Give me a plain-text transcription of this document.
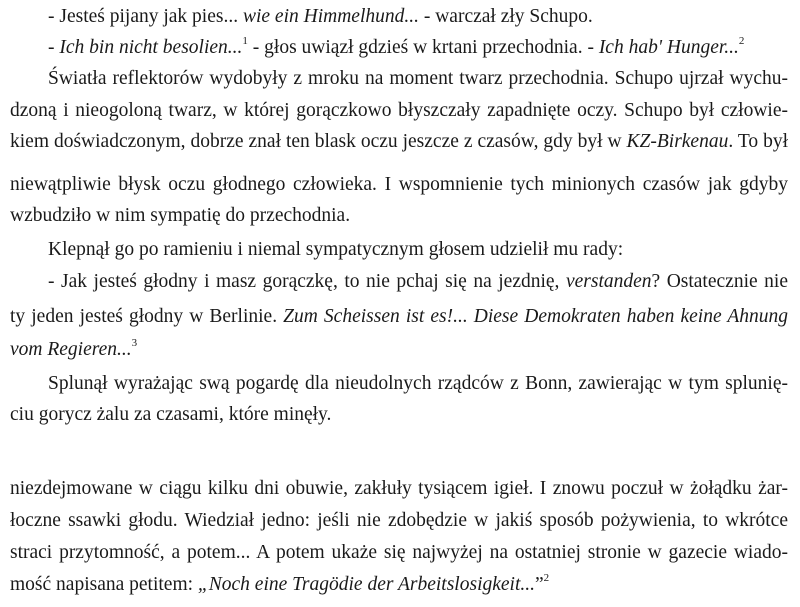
- Jesteś pijany jak pies... wie ein Himmelhund... - warczał zły Schupo.
- Ich bin nicht besolien...$^1$ - głos uwiązł gdzieś w krtani przechodnia. - Ich hab' Hunger...$^2$
Światła reflektorów wydobyły z mroku na moment twarz przechodnia. Schupo ujrzał wychu-
dzoną i nieogoloną twarz, w której gorączkowo błyszczały zapadnięte oczy. Schupo był człowie-
kiem doświadczonym, dobrze znał ten blask oczu jeszcze z czasów, gdy był w KZ-Birkenau. To był
niewątpliwie błysk oczu głodnego człowieka. I wspomnienie tych minionych czasów jak gdyby
wzbudziło w nim sympatię do przechodnia.
Klepnął go po ramieniu i niemal sympatycznym głosem udzielił mu rady:
- Jak jesteś głodny i masz gorączkę, to nie pchaj się na jezdnię, verstanden? Ostatecznie nie
ty jeden jesteś głodny w Berlinie. Zum Scheissen ist es!... Diese Demokraten haben keine Ahnung
vom Regieren...$^3$
Splunął wyrażając swą pogardę dla nieudolnych rządców z Bonn, zawierając w tym splunię-
ciu gorycz żalu za czasami, które minęły.
niezdejmowane w ciągu kilku dni obuwie, zakłuły tysiącem igieł. I znowu poczuł w żołądku żar-
łoczne ssawki głodu. Wiedział jedno: jeśli nie zdobędzie w jakiś sposób pożywienia, to wkrótce
straci przytomność, a potem... A potem ukaże się najwyżej na ostatniej stronie w gazecie wiado-
mość napisana petitem: „Noch eine Tragödie der Arbeitslosigkeit...”$^2$
